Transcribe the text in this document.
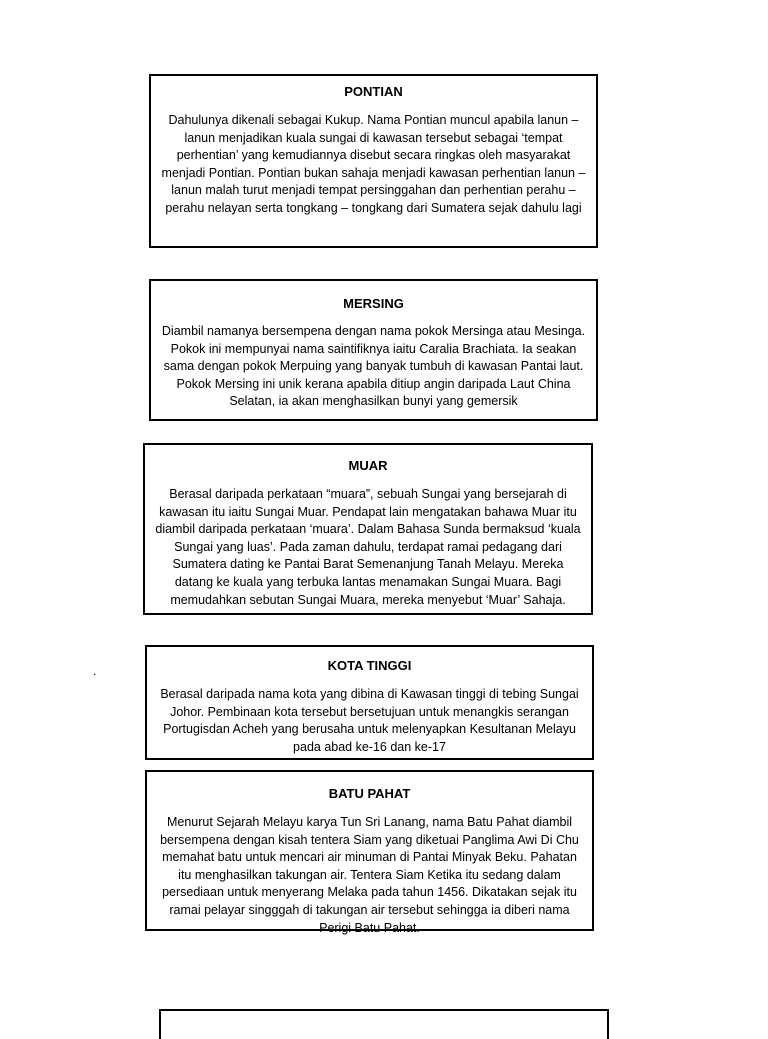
PONTIAN

Dahulunya dikenali sebagai Kukup. Nama Pontian muncul apabila lanun – lanun menjadikan kuala sungai di kawasan tersebut sebagai ‘tempat perhentian’ yang kemudiannya disebut secara ringkas oleh masyarakat menjadi Pontian. Pontian bukan sahaja menjadi kawasan perhentian lanun – lanun malah turut menjadi tempat persinggahan dan perhentian perahu – perahu nelayan serta tongkang – tongkang dari Sumatera sejak dahulu lagi

MERSING

Diambil namanya bersempena dengan nama pokok Mersinga atau Mesinga. Pokok ini mempunyai nama saintifiknya iaitu Caralia Brachiata. Ia seakan sama dengan pokok Merpuing yang banyak tumbuh di kawasan Pantai laut. Pokok Mersing ini unik kerana apabila ditiup angin daripada Laut China Selatan, ia akan menghasilkan bunyi yang gemersik

MUAR

Berasal daripada perkataan “muara”, sebuah Sungai yang bersejarah di kawasan itu iaitu Sungai Muar. Pendapat lain mengatakan bahawa Muar itu diambil daripada perkataan ‘muara’. Dalam Bahasa Sunda bermaksud ‘kuala Sungai yang luas’. Pada zaman dahulu, terdapat ramai pedagang dari Sumatera dating ke Pantai Barat Semenanjung Tanah Melayu. Mereka datang ke kuala yang terbuka lantas menamakan Sungai Muara. Bagi memudahkan sebutan Sungai Muara, mereka menyebut ‘Muar’ Sahaja.

.	KOTA TINGGI

Berasal daripada nama kota yang dibina di Kawasan tinggi di tebing Sungai Johor. Pembinaan kota tersebut bersetujuan untuk menangkis serangan Portugisdan Acheh yang berusaha untuk melenyapkan Kesultanan Melayu pada abad ke-16 dan ke-17

BATU PAHAT

Menurut Sejarah Melayu karya Tun Sri Lanang, nama Batu Pahat diambil bersempena dengan kisah tentera Siam yang diketuai Panglima Awi Di Chu memahat batu untuk mencari air minuman di Pantai Minyak Beku. Pahatan itu menghasilkan takungan air. Tentera Siam Ketika itu sedang dalam persediaan untuk menyerang Melaka pada tahun 1456. Dikatakan sejak itu ramai pelayar singggah di takungan air tersebut sehingga ia diberi nama Perigi Batu Pahat.
